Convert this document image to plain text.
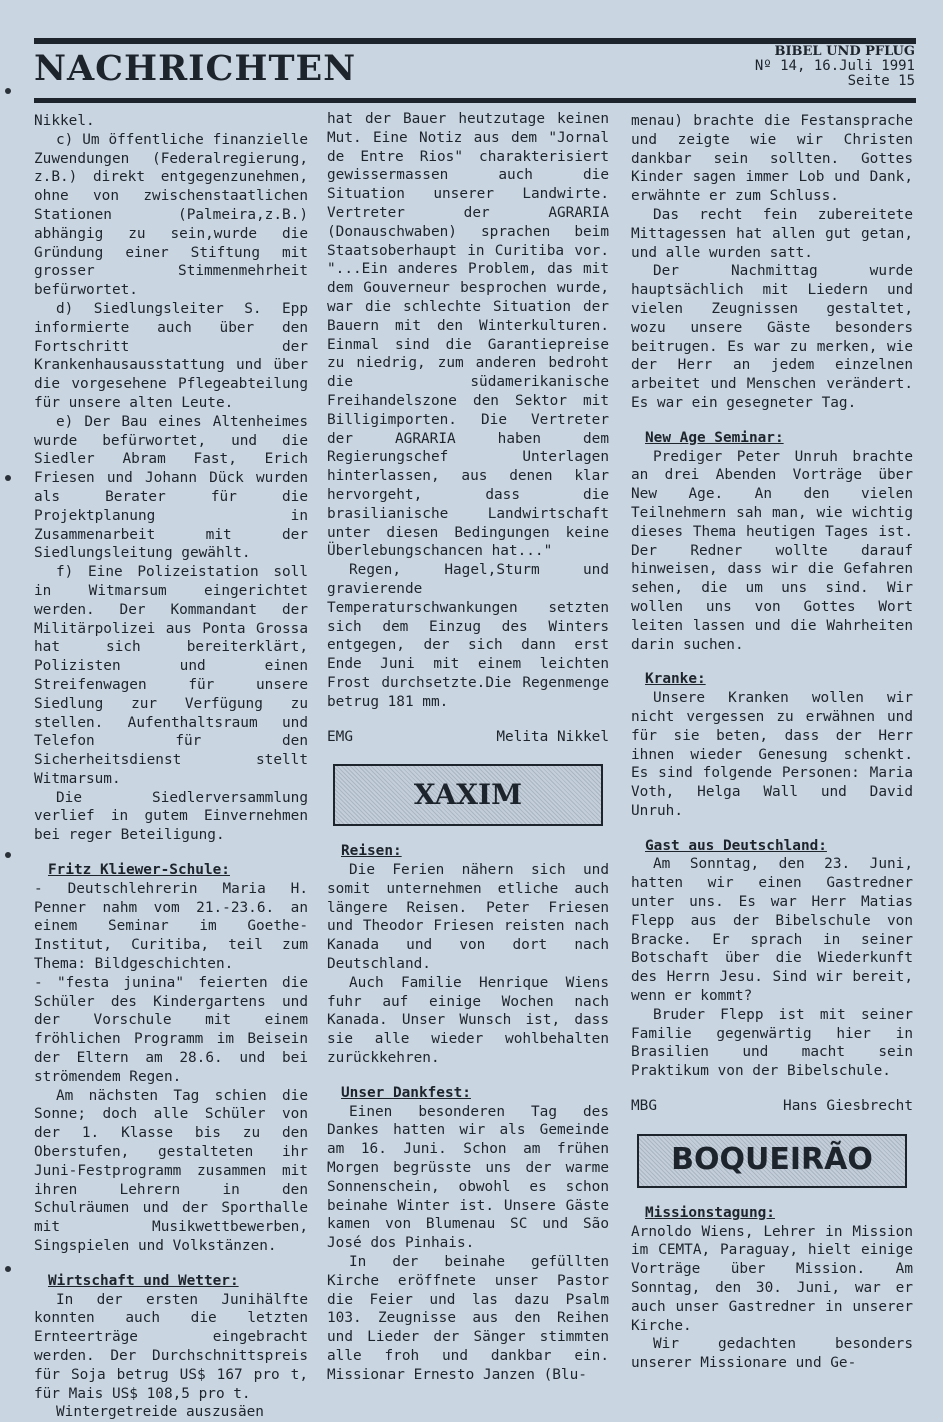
NACHRICHTEN	BIBEL UND PFLUG
Nº 14, 16.Juli 1991
Seite 15

Nikkel.

c) Um öffentliche finanzielle Zuwendungen (Federalregierung, z.B.) direkt entgegenzunehmen, ohne von zwischenstaatlichen Stationen (Palmeira,z.B.) abhängig zu sein,wurde die Gründung einer Stiftung mit grosser Stimmenmehrheit befürwortet.

d) Siedlungsleiter S. Epp informierte auch über den Fortschritt der Krankenhausausstattung und über die vorgesehene Pflegeabteilung für unsere alten Leute.

e) Der Bau eines Altenheimes wurde befürwortet, und die Siedler Abram Fast, Erich Friesen und Johann Dück wurden als Berater für die Projektplanung in Zusammenarbeit mit der Siedlungsleitung gewählt.

f) Eine Polizeistation soll in Witmarsum eingerichtet werden. Der Kommandant der Militärpolizei aus Ponta Grossa hat sich bereiterklärt, Polizisten und einen Streifenwagen für unsere Siedlung zur Verfügung zu stellen. Aufenthaltsraum und Telefon für den Sicherheitsdienst stellt Witmarsum.

Die Siedlerversammlung verlief in gutem Einvernehmen bei reger Beteiligung.

Fritz Kliewer-Schule:

- Deutschlehrerin Maria H. Penner nahm vom 21.-23.6. an einem Seminar im Goethe-Institut, Curitiba, teil zum Thema: Bildgeschichten.

- "festa junina" feierten die Schüler des Kindergartens und der Vorschule mit einem fröhlichen Programm im Beisein der Eltern am 28.6. und bei strömendem Regen.

Am nächsten Tag schien die Sonne; doch alle Schüler von der 1. Klasse bis zu den Oberstufen, gestalteten ihr Juni-Festprogramm zusammen mit ihren Lehrern in den Schulräumen und der Sporthalle mit Musikwettbewerben, Singspielen und Volkstänzen.

Wirtschaft und Wetter:

In der ersten Junihälfte konnten auch die letzten Ernteerträge eingebracht werden. Der Durchschnittspreis für Soja betrug US$ 167 pro t, für Mais US$ 108,5 pro t.

Wintergetreide auszusäen

hat der Bauer heutzutage keinen Mut. Eine Notiz aus dem "Jornal de Entre Rios" charakterisiert gewissermassen auch die Situation unserer Landwirte. Vertreter der AGRARIA (Donauschwaben) sprachen beim Staatsoberhaupt in Curitiba vor. "...Ein anderes Problem, das mit dem Gouverneur besprochen wurde, war die schlechte Situation der Bauern mit den Winterkulturen. Einmal sind die Garantiepreise zu niedrig, zum anderen bedroht die südamerikanische Freihandelszone den Sektor mit Billigimporten. Die Vertreter der AGRARIA haben dem Regierungschef Unterlagen hinterlassen, aus denen klar hervorgeht, dass die brasilianische Landwirtschaft unter diesen Bedingungen keine Überlebungschancen hat..."

Regen, Hagel,Sturm und gravierende Temperaturschwankungen setzten sich dem Einzug des Winters entgegen, der sich dann erst Ende Juni mit einem leichten Frost durchsetzte.Die Regenmenge betrug 181 mm.

EMG	Melita Nikkel
XAXIM
Reisen:

Die Ferien nähern sich und somit unternehmen etliche auch längere Reisen. Peter Friesen und Theodor Friesen reisten nach Kanada und von dort nach Deutschland.

Auch Familie Henrique Wiens fuhr auf einige Wochen nach Kanada. Unser Wunsch ist, dass sie alle wieder wohlbehalten zurückkehren.

Unser Dankfest:

Einen besonderen Tag des Dankes hatten wir als Gemeinde am 16. Juni. Schon am frühen Morgen begrüsste uns der warme Sonnenschein, obwohl es schon beinahe Winter ist. Unsere Gäste kamen von Blumenau SC und São José dos Pinhais.

In der beinahe gefüllten Kirche eröffnete unser Pastor die Feier und las dazu Psalm 103. Zeugnisse aus den Reihen und Lieder der Sänger stimmten alle froh und dankbar ein. Missionar Ernesto Janzen (Blu-

menau) brachte die Festansprache und zeigte wie wir Christen dankbar sein sollten. Gottes Kinder sagen immer Lob und Dank, erwähnte er zum Schluss.

Das recht fein zubereitete Mittagessen hat allen gut getan, und alle wurden satt.

Der Nachmittag wurde hauptsächlich mit Liedern und vielen Zeugnissen gestaltet, wozu unsere Gäste besonders beitrugen. Es war zu merken, wie der Herr an jedem einzelnen arbeitet und Menschen verändert. Es war ein gesegneter Tag.

New Age Seminar:

Prediger Peter Unruh brachte an drei Abenden Vorträge über New Age. An den vielen Teilnehmern sah man, wie wichtig dieses Thema heutigen Tages ist. Der Redner wollte darauf hinweisen, dass wir die Gefahren sehen, die um uns sind. Wir wollen uns von Gottes Wort leiten lassen und die Wahrheiten darin suchen.

Kranke:

Unsere Kranken wollen wir nicht vergessen zu erwähnen und für sie beten, dass der Herr ihnen wieder Genesung schenkt. Es sind folgende Personen: Maria Voth, Helga Wall und David Unruh.

Gast aus Deutschland:

Am Sonntag, den 23. Juni, hatten wir einen Gastredner unter uns. Es war Herr Matias Flepp aus der Bibelschule von Bracke. Er sprach in seiner Botschaft über die Wiederkunft des Herrn Jesu. Sind wir bereit, wenn er kommt?

Bruder Flepp ist mit seiner Familie gegenwärtig hier in Brasilien und macht sein Praktikum von der Bibelschule.

MBG	Hans Giesbrecht
BOQUEIRÃO
Missionstagung:

Arnoldo Wiens, Lehrer in Mission im CEMTA, Paraguay, hielt einige Vorträge über Mission. Am Sonntag, den 30. Juni, war er auch unser Gastredner in unserer Kirche.

Wir gedachten besonders unserer Missionare und Ge-
